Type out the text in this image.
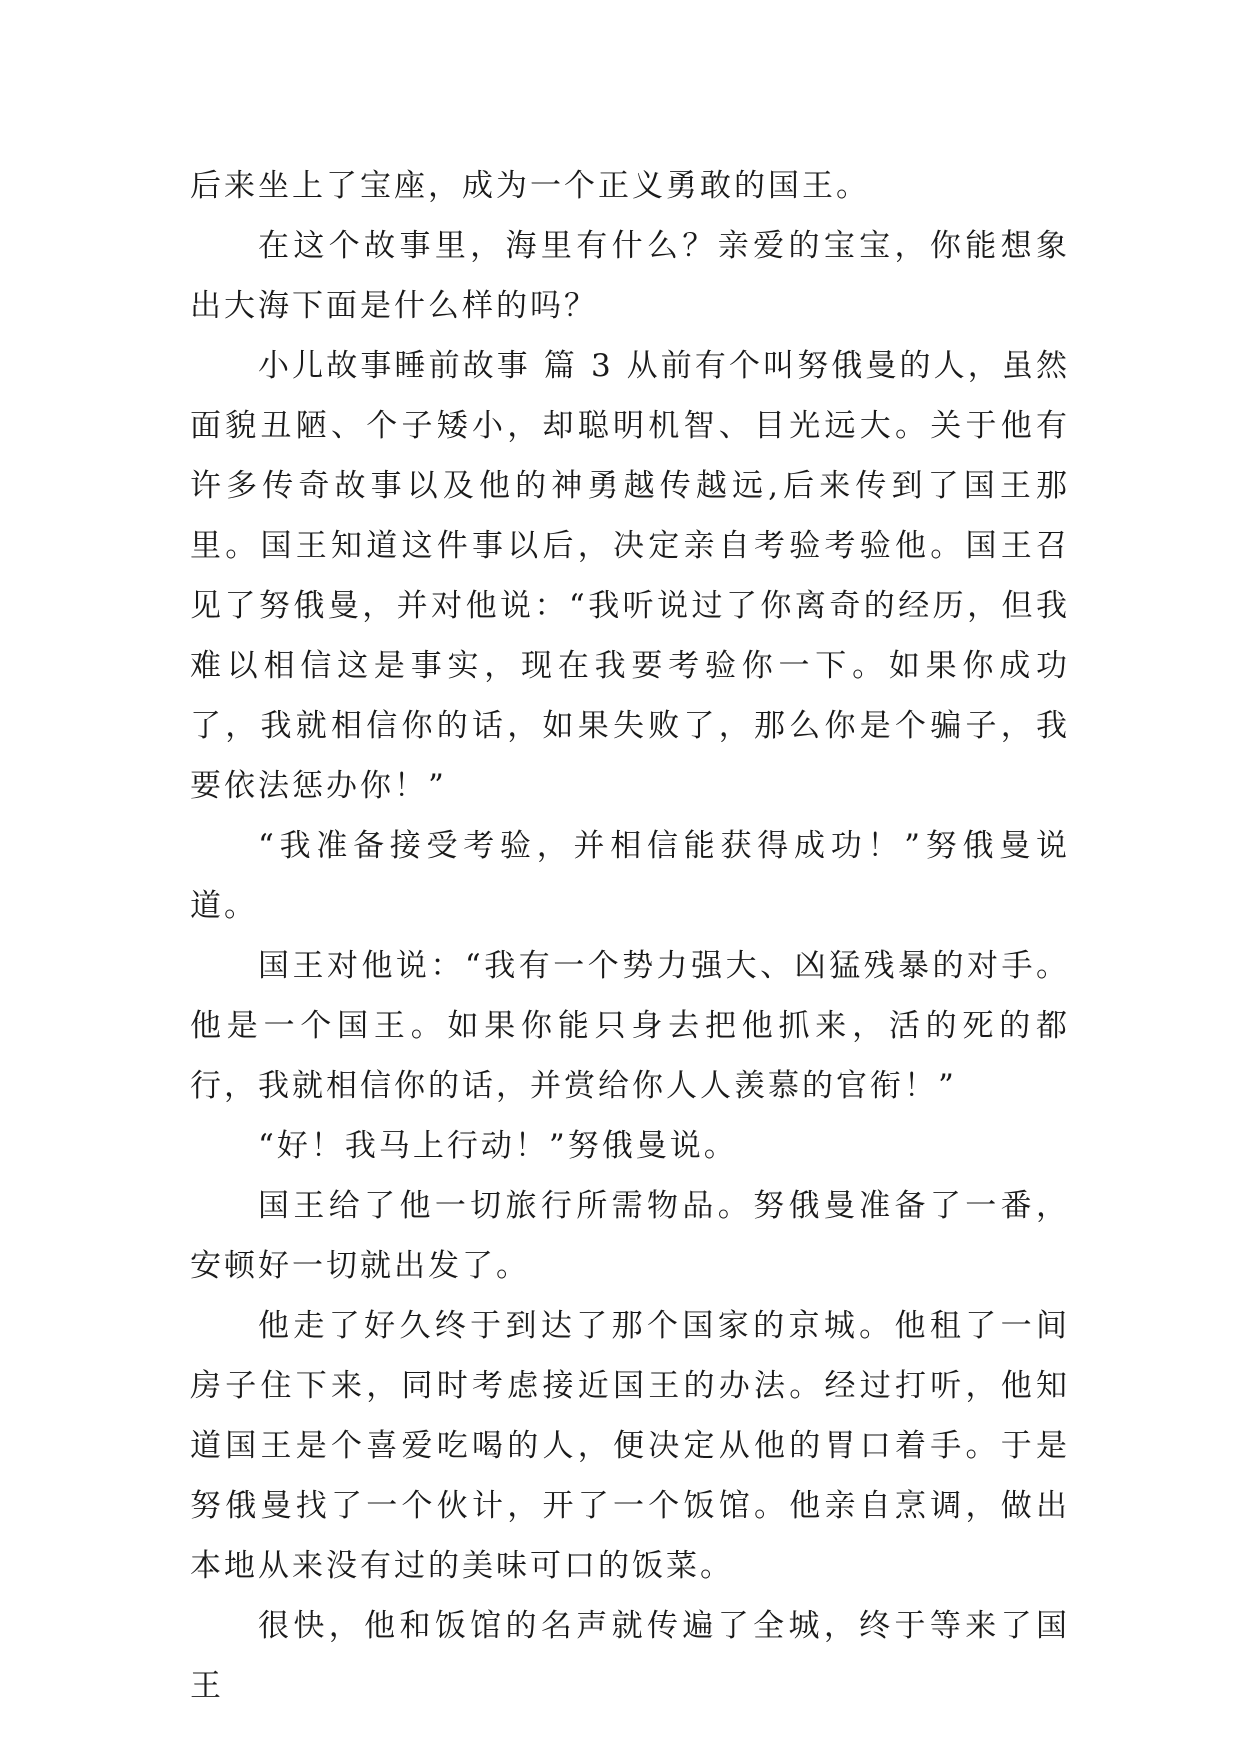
后来坐上了宝座，成为一个正义勇敢的国王。

在这个故事里，海里有什么？亲爱的宝宝，你能想象出大海下面是什么样的吗？

小儿故事睡前故事 篇 3 从前有个叫努俄曼的人，虽然面貌丑陋、个子矮小，却聪明机智、目光远大。关于他有许多传奇故事以及他的神勇越传越远,后来传到了国王那里。国王知道这件事以后，决定亲自考验考验他。国王召见了努俄曼，并对他说：“我听说过了你离奇的经历，但我难以相信这是事实，现在我要考验你一下。如果你成功了，我就相信你的话，如果失败了，那么你是个骗子，我要依法惩办你！”

“我准备接受考验，并相信能获得成功！”努俄曼说道。

国王对他说：“我有一个势力强大、凶猛残暴的对手。他是一个国王。如果你能只身去把他抓来，活的死的都行，我就相信你的话，并赏给你人人羡慕的官衔！”

“好！我马上行动！”努俄曼说。

国王给了他一切旅行所需物品。努俄曼准备了一番，安顿好一切就出发了。

他走了好久终于到达了那个国家的京城。他租了一间房子住下来，同时考虑接近国王的办法。经过打听，他知道国王是个喜爱吃喝的人，便决定从他的胃口着手。于是努俄曼找了一个伙计，开了一个饭馆。他亲自烹调，做出本地从来没有过的美味可口的饭菜。

很快，他和饭馆的名声就传遍了全城，终于等来了国王
